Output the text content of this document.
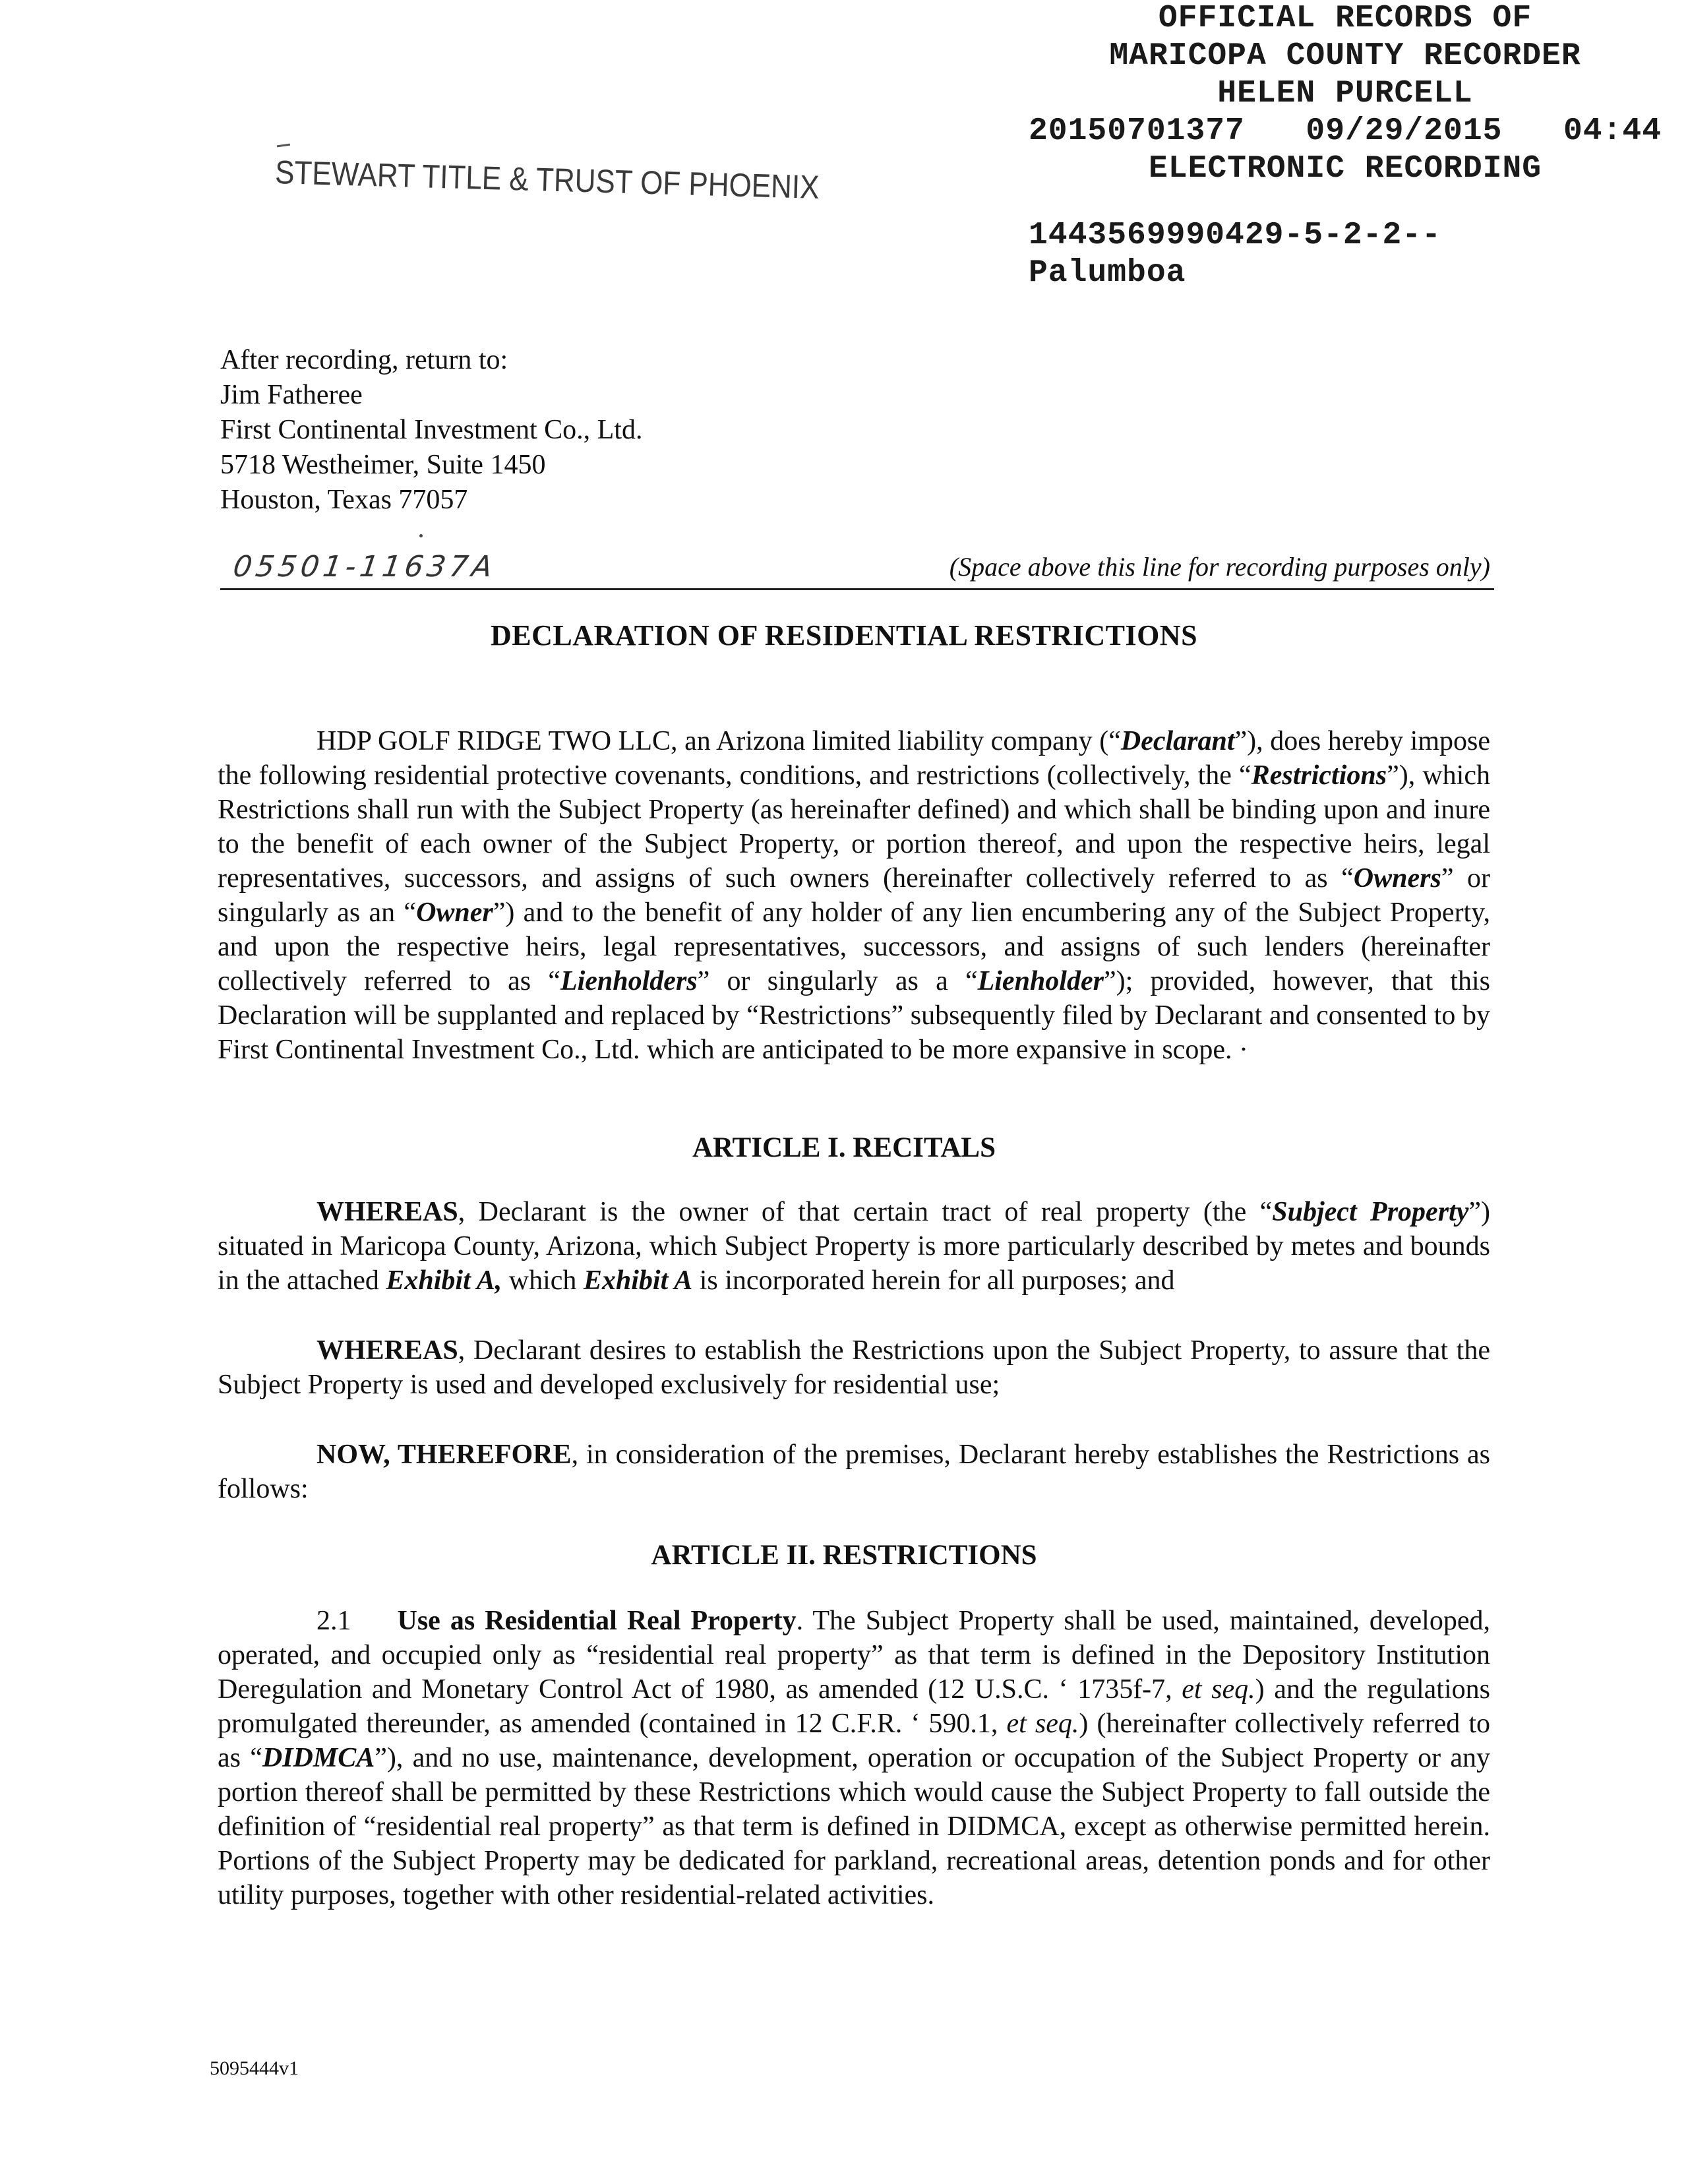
OFFICIAL RECORDS OF
MARICOPA COUNTY RECORDER
HELEN PURCELL
20150701377 09/29/2015 04:44
ELECTRONIC RECORDING
1443569990429-5-2-2--
Palumboa
STEWART TITLE & TRUST OF PHOENIX
After recording, return to:
Jim Fatheree
First Continental Investment Co., Ltd.
5718 Westheimer, Suite 1450
Houston, Texas 77057
05501-11637A	(Space above this line for recording purposes only)
DECLARATION OF RESIDENTIAL RESTRICTIONS
HDP GOLF RIDGE TWO LLC, an Arizona limited liability company (“Declarant”), does hereby impose the following residential protective covenants, conditions, and restrictions (collectively, the “Restrictions”), which Restrictions shall run with the Subject Property (as hereinafter defined) and which shall be binding upon and inure to the benefit of each owner of the Subject Property, or portion thereof, and upon the respective heirs, legal representatives, successors, and assigns of such owners (hereinafter collectively referred to as “Owners” or singularly as an “Owner”) and to the benefit of any holder of any lien encumbering any of the Subject Property, and upon the respective heirs, legal representatives, successors, and assigns of such lenders (hereinafter collectively referred to as “Lienholders” or singularly as a “Lienholder”); provided, however, that this Declaration will be supplanted and replaced by “Restrictions” subsequently filed by Declarant and consented to by First Continental Investment Co., Ltd. which are anticipated to be more expansive in scope. ·
ARTICLE I. RECITALS
WHEREAS, Declarant is the owner of that certain tract of real property (the “Subject Property”) situated in Maricopa County, Arizona, which Subject Property is more particularly described by metes and bounds in the attached Exhibit A, which Exhibit A is incorporated herein for all purposes; and
WHEREAS, Declarant desires to establish the Restrictions upon the Subject Property, to assure that the Subject Property is used and developed exclusively for residential use;
NOW, THEREFORE, in consideration of the premises, Declarant hereby establishes the Restrictions as follows:
ARTICLE II. RESTRICTIONS
2.1 Use as Residential Real Property. The Subject Property shall be used, maintained, developed, operated, and occupied only as “residential real property” as that term is defined in the Depository Institution Deregulation and Monetary Control Act of 1980, as amended (12 U.S.C. ‘ 1735f-7, et seq.) and the regulations promulgated thereunder, as amended (contained in 12 C.F.R. ‘ 590.1, et seq.) (hereinafter collectively referred to as “DIDMCA”), and no use, maintenance, development, operation or occupation of the Subject Property or any portion thereof shall be permitted by these Restrictions which would cause the Subject Property to fall outside the definition of “residential real property” as that term is defined in DIDMCA, except as otherwise permitted herein. Portions of the Subject Property may be dedicated for parkland, recreational areas, detention ponds and for other utility purposes, together with other residential-related activities.
5095444v1
